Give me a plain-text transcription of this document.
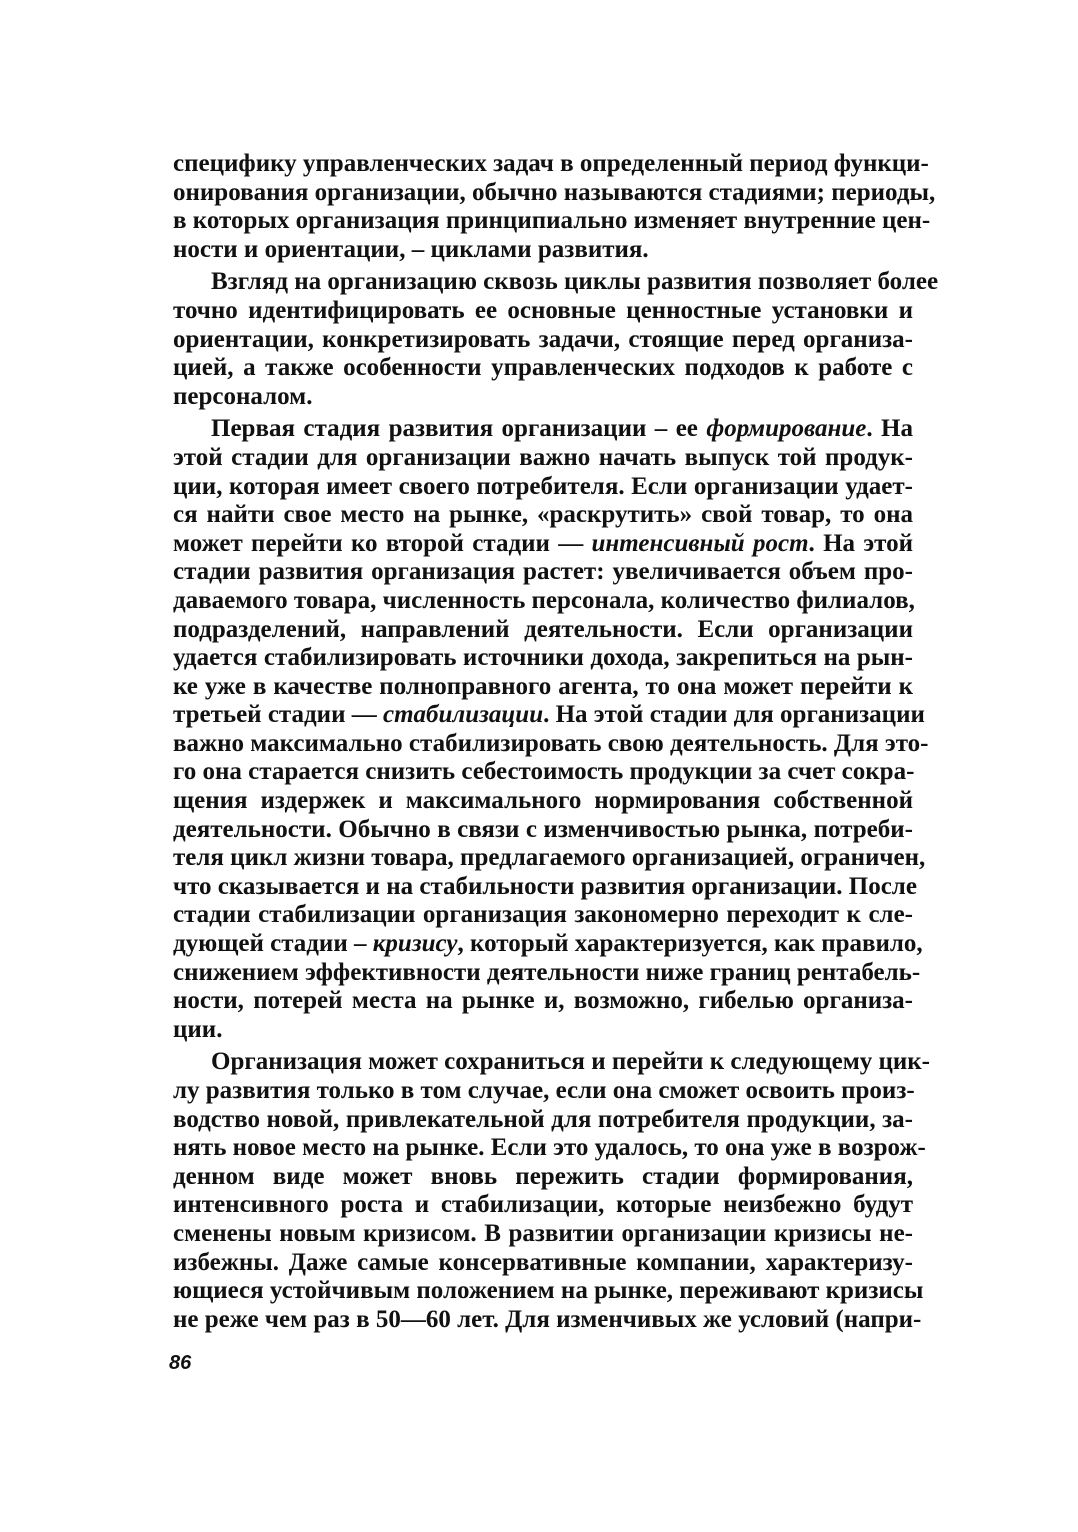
специфику управленческих задач в определенный период функци-
онирования организации, обычно называются стадиями; периоды,
в которых организация принципиально изменяет внутренние цен-
ности и ориентации, – циклами развития.
Взгляд на организацию сквозь циклы развития позволяет более
точно идентифицировать ее основные ценностные установки и
ориентации, конкретизировать задачи, стоящие перед организа-
цией, а также особенности управленческих подходов к работе с
персоналом.
Первая стадия развития организации – ее формирование. На
этой стадии для организации важно начать выпуск той продук-
ции, которая имеет своего потребителя. Если организации удает-
ся найти свое место на рынке, «раскрутить» свой товар, то она
может перейти ко второй стадии — интенсивный рост. На этой
стадии развития организация растет: увеличивается объем про-
даваемого товара, численность персонала, количество филиалов,
подразделений, направлений деятельности. Если организации
удается стабилизировать источники дохода, закрепиться на рын-
ке уже в качестве полноправного агента, то она может перейти к
третьей стадии — стабилизации. На этой стадии для организации
важно максимально стабилизировать свою деятельность. Для это-
го она старается снизить себестоимость продукции за счет сокра-
щения издержек и максимального нормирования собственной
деятельности. Обычно в связи с изменчивостью рынка, потреби-
теля цикл жизни товара, предлагаемого организацией, ограничен,
что сказывается и на стабильности развития организации. После
стадии стабилизации организация закономерно переходит к сле-
дующей стадии – кризису, который характеризуется, как правило,
снижением эффективности деятельности ниже границ рентабель-
ности, потерей места на рынке и, возможно, гибелью организа-
ции.
Организация может сохраниться и перейти к следующему цик-
лу развития только в том случае, если она сможет освоить произ-
водство новой, привлекательной для потребителя продукции, за-
нять новое место на рынке. Если это удалось, то она уже в возрож-
денном виде может вновь пережить стадии формирования,
интенсивного роста и стабилизации, которые неизбежно будут
сменены новым кризисом. В развитии организации кризисы не-
избежны. Даже самые консервативные компании, характеризу-
ющиеся устойчивым положением на рынке, переживают кризисы
не реже чем раз в 50—60 лет. Для изменчивых же условий (напри-
86
